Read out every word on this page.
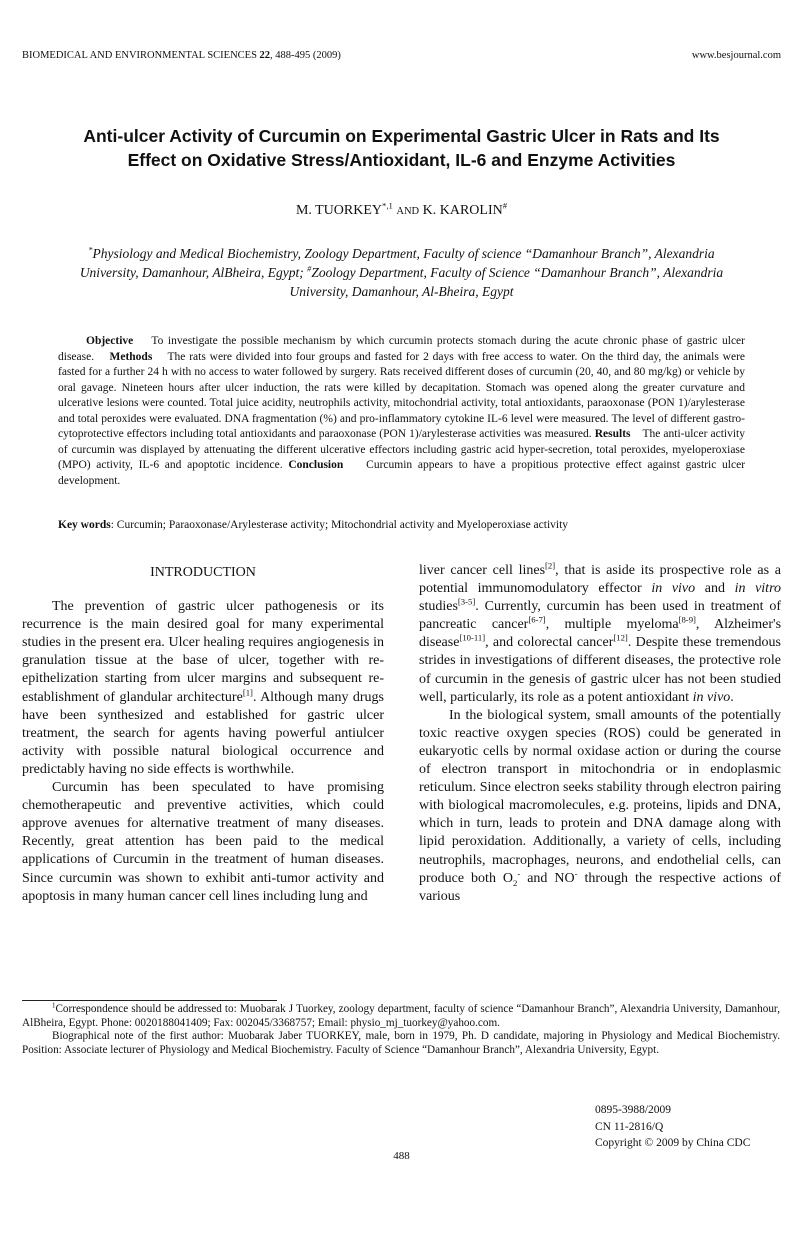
BIOMEDICAL AND ENVIRONMENTAL SCIENCES 22, 488-495 (2009)	www.besjournal.com
Anti-ulcer Activity of Curcumin on Experimental Gastric Ulcer in Rats and Its
Effect on Oxidative Stress/Antioxidant, IL-6 and Enzyme Activities
M. $TUORKEY^{*,1}$ AND K. KAROLIN#

*Physiology and Medical Biochemistry, Zoology Department, Faculty of science “Damanhour Branch”, Alexandria University, Damanhour, AlBheira, Egypt; #Zoology Department, Faculty of Science “Damanhour Branch”, Alexandria University, Damanhour, Al-Bheira, Egypt

Objective To investigate the possible mechanism by which curcumin protects stomach during the acute chronic phase of gastric ulcer disease. Methods The rats were divided into four groups and fasted for 2 days with free access to water. On the third day, the animals were fasted for a further 24 h with no access to water followed by surgery. Rats received different doses of curcumin (20, 40, and 80 mg/kg) or vehicle by oral gavage. Nineteen hours after ulcer induction, the rats were killed by decapitation. Stomach was opened along the greater curvature and ulcerative lesions were counted. Total juice acidity, neutrophils activity, mitochondrial activity, total antioxidants, paraoxonase (PON 1)/arylesterase and total peroxides were evaluated. DNA fragmentation (%) and pro-inflammatory cytokine IL-6 level were measured. The level of different gastro-cytoprotective effectors including total antioxidants and paraoxonase (PON 1)/arylesterase activities was measured. Results The anti-ulcer activity of curcumin was displayed by attenuating the different ulcerative effectors including gastric acid hyper-secretion, total peroxides, myeloperoxiase (MPO) activity, IL-6 and apoptotic incidence. Conclusion Curcumin appears to have a propitious protective effect against gastric ulcer development.

Key words: Curcumin; Paraoxonase/Arylesterase activity; Mitochondrial activity and Myeloperoxiase activity

INTRODUCTION

The prevention of gastric ulcer pathogenesis or its recurrence is the main desired goal for many experimental studies in the present era. Ulcer healing requires angiogenesis in granulation tissue at the base of ulcer, together with re-epithelization starting from ulcer margins and subsequent re-establishment of glandular architecture[1]. Although many drugs have been synthesized and established for gastric ulcer treatment, the search for agents having powerful antiulcer activity with possible natural biological occurrence and predictably having no side effects is worthwhile.

Curcumin has been speculated to have promising chemotherapeutic and preventive activities, which could approve avenues for alternative treatment of many diseases. Recently, great attention has been paid to the medical applications of Curcumin in the treatment of human diseases. Since curcumin was shown to exhibit anti-tumor activity and apoptosis in many human cancer cell lines including lung and

liver cancer cell lines[2], that is aside its prospective role as a potential immunomodulatory effector in vivo and in vitro studies[3-5]. Currently, curcumin has been used in treatment of pancreatic cancer[6-7], multiple myeloma[8-9], Alzheimer's disease[10-11], and colorectal cancer[12]. Despite these tremendous strides in investigations of different diseases, the protective role of curcumin in the genesis of gastric ulcer has not been studied well, particularly, its role as a potent antioxidant in vivo.

In the biological system, small amounts of the potentially toxic reactive oxygen species (ROS) could be generated in eukaryotic cells by normal oxidase action or during the course of electron transport in mitochondria or in endoplasmic reticulum. Since electron seeks stability through electron pairing with biological macromolecules, e.g. proteins, lipids and DNA, which in turn, leads to protein and DNA damage along with lipid peroxidation. Additionally, a variety of cells, including neutrophils, macrophages, neurons, and endothelial cells, can produce both $O_2^-$ and NO- through the respective actions of various

$^1$Correspondence should be addressed to: Muobarak J Tuorkey, zoology department, faculty of science “Damanhour Branch”, Alexandria University, Damanhour, AlBheira, Egypt. Phone: 0020188041409; Fax: 002045/3368757; Email: physio_mj_tuorkey@yahoo.com.

Biographical note of the first author: Muobarak Jaber TUORKEY, male, born in 1979, Ph. D candidate, majoring in Physiology and Medical Biochemistry. Position: Associate lecturer of Physiology and Medical Biochemistry. Faculty of Science “Damanhour Branch”, Alexandria University, Egypt.

0895-3988/2009
CN 11-2816/Q
Copyright © 2009 by China CDC
488
